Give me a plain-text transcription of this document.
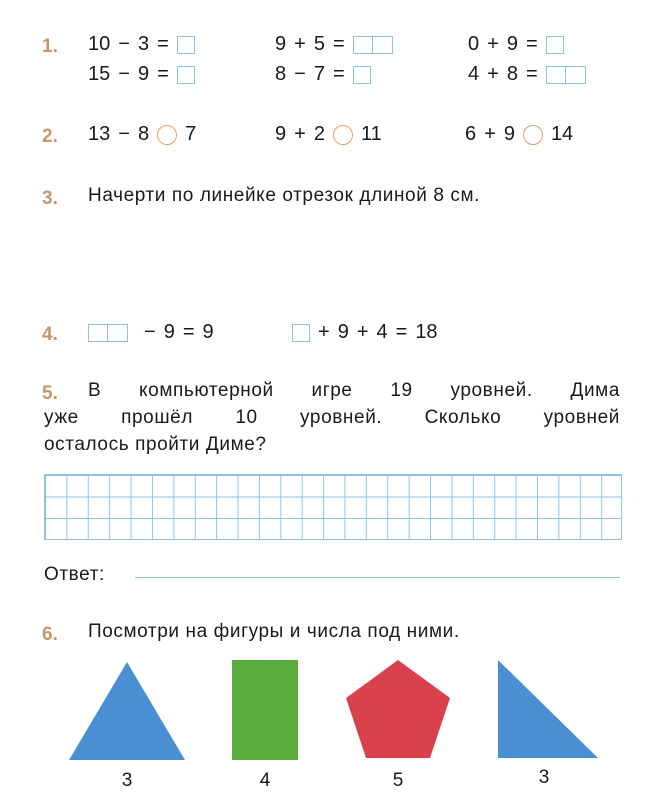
1. 10 − 3 =	9 + 5 =	0 + 9 =
15 − 9 =	8 − 7 =	4 + 8 =
2. 13 − 8 7	9 + 2 11	6 + 9 14
3. Начерти по линейке отрезок длиной 8 см.
4.	− 9 = 9	+ 9 + 4 = 18
5. В компьютерной игре 19 уровней. Дима
уже прошёл 10 уровней. Сколько уровней
осталось пройти Диме?
Ответ:
6. Посмотри на фигуры и числа под ними.
3	4	5	3
